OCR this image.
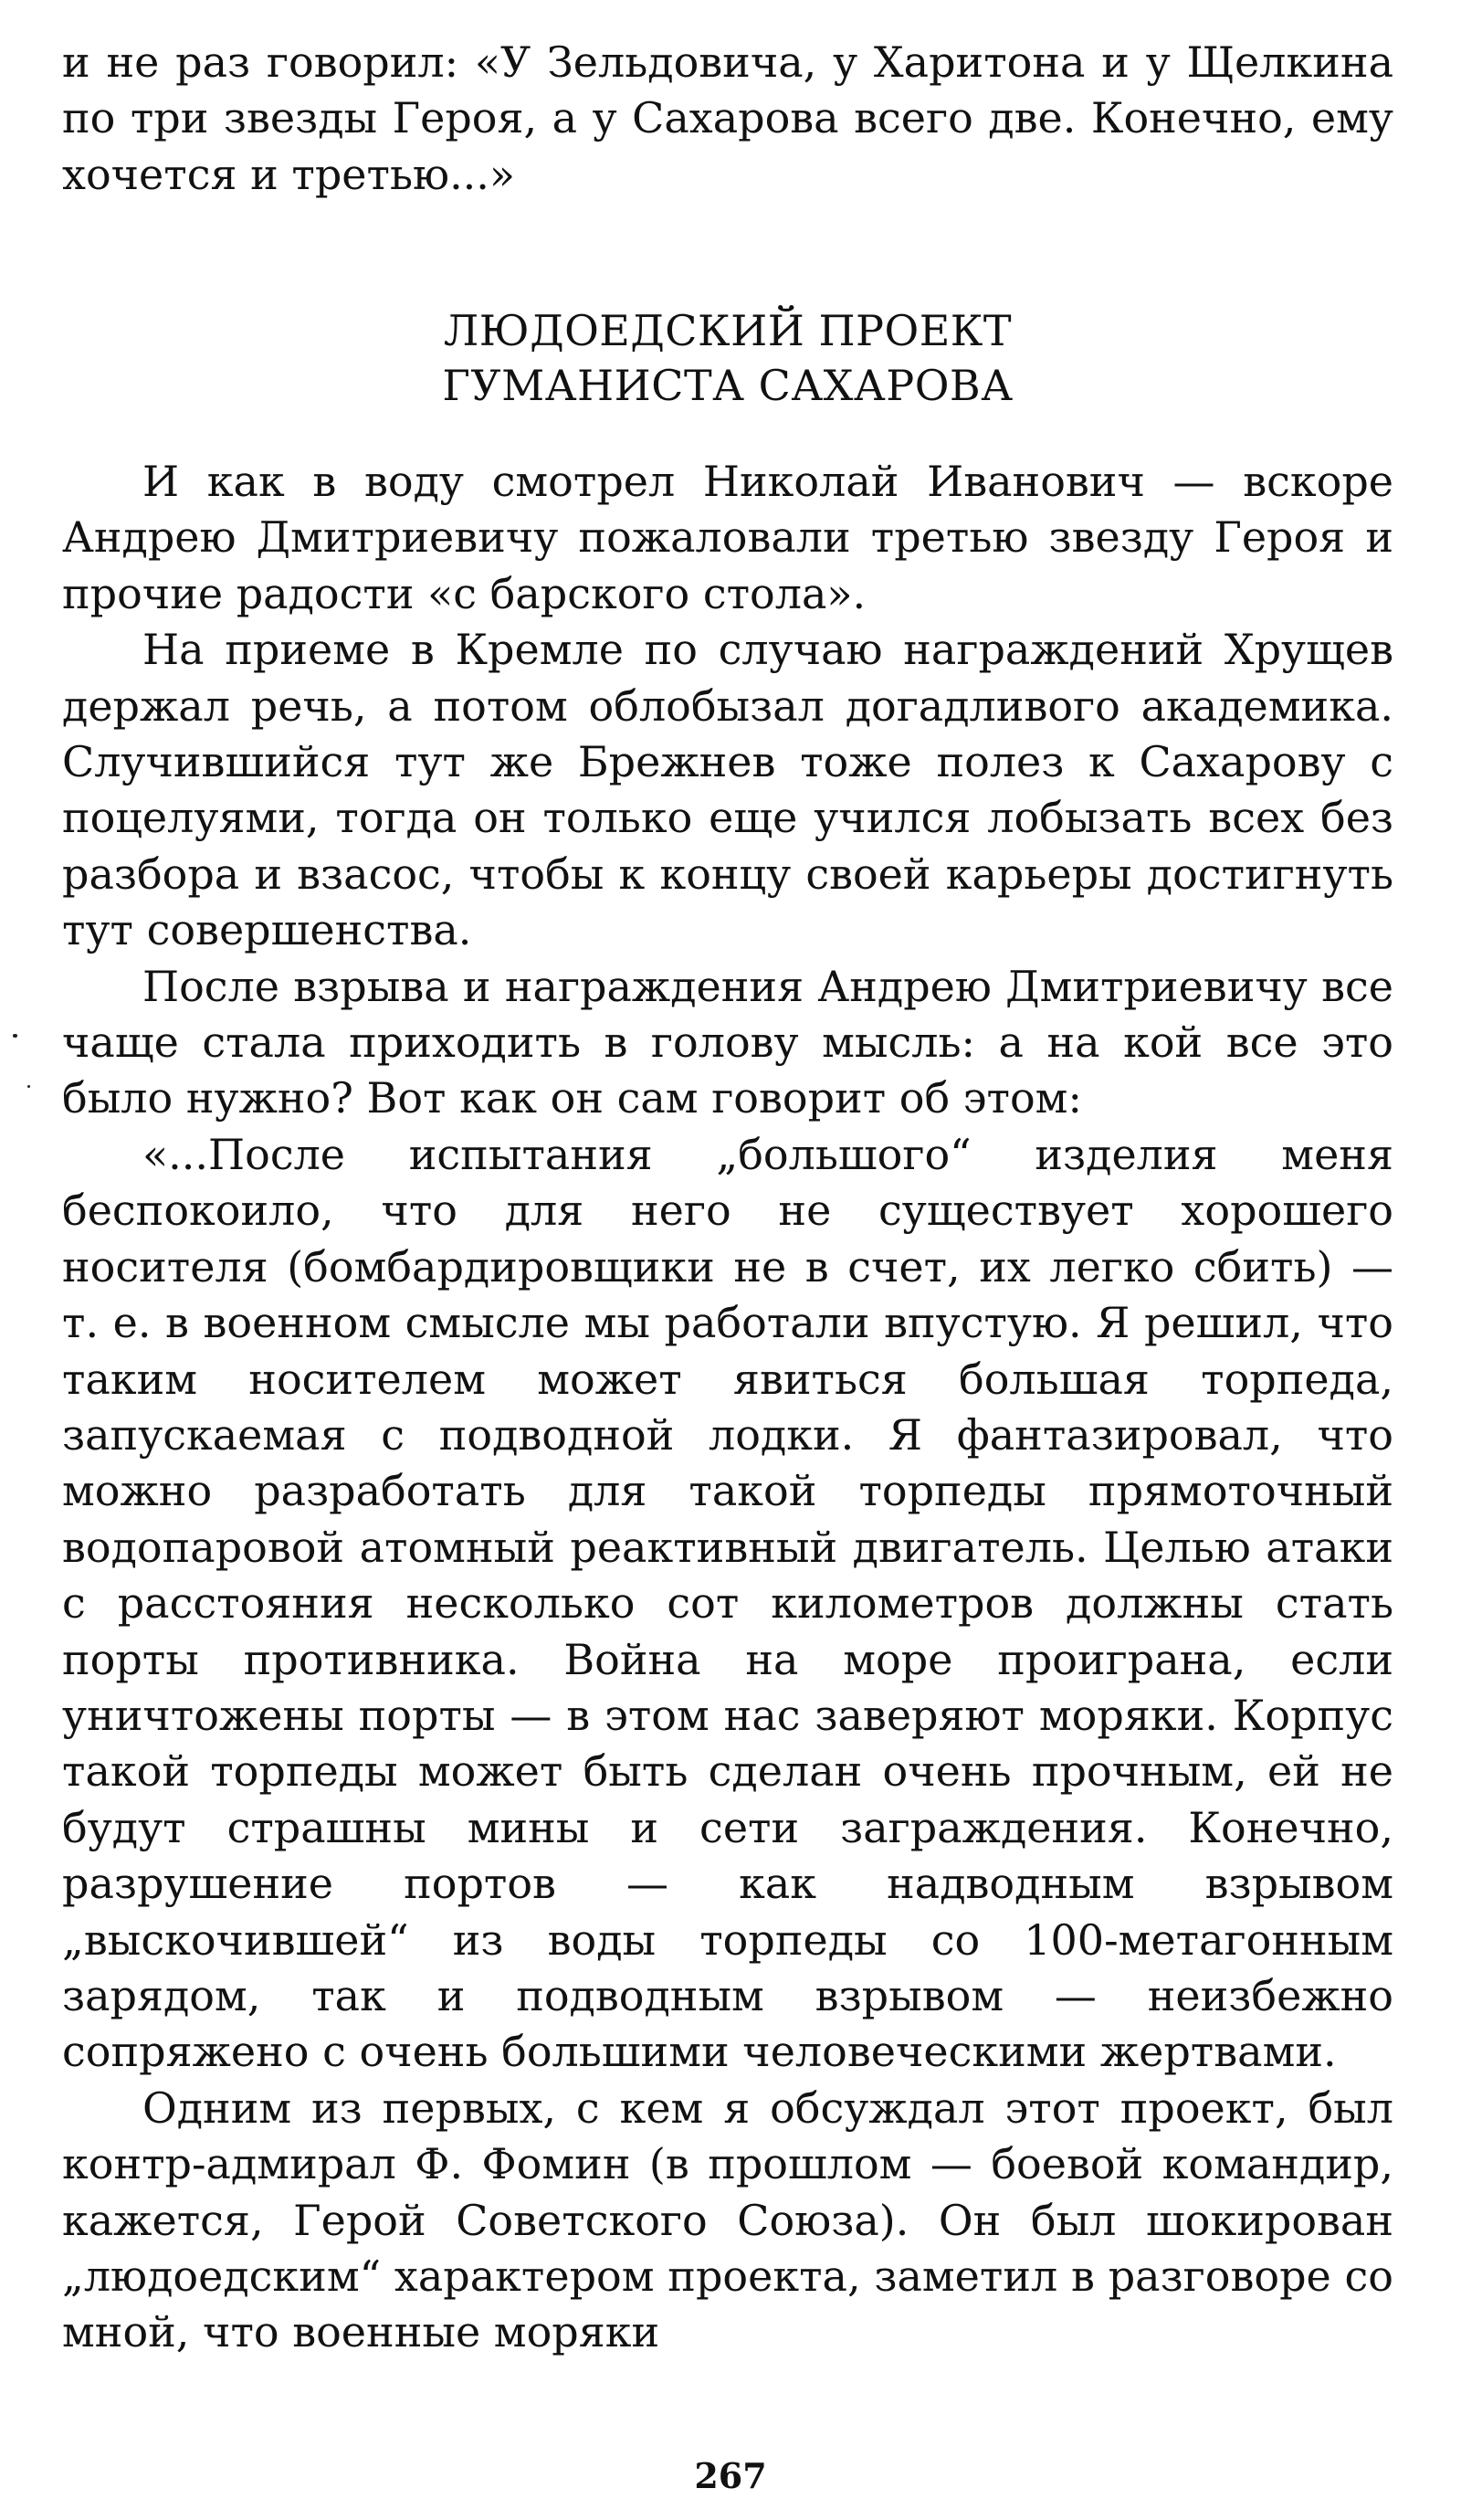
и не раз говорил: «У Зельдовича, у Харитона и у Щелкина по три звезды Героя, а у Сахарова всего две. Конечно, ему хочется и третью...»

ЛЮДОЕДСКИЙ ПРОЕКТ
ГУМАНИСТА САХАРОВА

И как в воду смотрел Николай Иванович — вскоре Андрею Дмитриевичу пожаловали третью звезду Героя и прочие радости «с барского стола».

На приеме в Кремле по случаю награждений Хрущев держал речь, а потом облобызал догадливого академика. Случившийся тут же Брежнев тоже полез к Сахарову с поцелуями, тогда он только еще учился лобызать всех без разбора и взасос, чтобы к концу своей карьеры достигнуть тут совершенства.

После взрыва и награждения Андрею Дмитриевичу все чаще стала приходить в голову мысль: а на кой все это было нужно? Вот как он сам говорит об этом:

«...После испытания „большого“ изделия меня беспокоило, что для него не существует хорошего носителя (бомбардировщики не в счет, их легко сбить) — т. е. в военном смысле мы работали впустую. Я решил, что таким носителем может явиться большая торпеда, запускаемая с подводной лодки. Я фантазировал, что можно разработать для такой торпеды прямоточный водопаровой атомный реактивный двигатель. Целью атаки с расстояния несколько сот километров должны стать порты противника. Война на море проиграна, если уничтожены порты — в этом нас заверяют моряки. Корпус такой торпеды может быть сделан очень прочным, ей не будут страшны мины и сети заграждения. Конечно, разрушение портов — как надводным взрывом „выскочившей“ из воды торпеды со 100-метагонным зарядом, так и подводным взрывом — неизбежно сопряжено с очень большими человеческими жертвами.

Одним из первых, с кем я обсуждал этот проект, был контр-адмирал Ф. Фомин (в прошлом — боевой командир, кажется, Герой Советского Союза). Он был шокирован „людоедским“ характером проекта, заметил в разговоре со мной, что военные моряки

267
